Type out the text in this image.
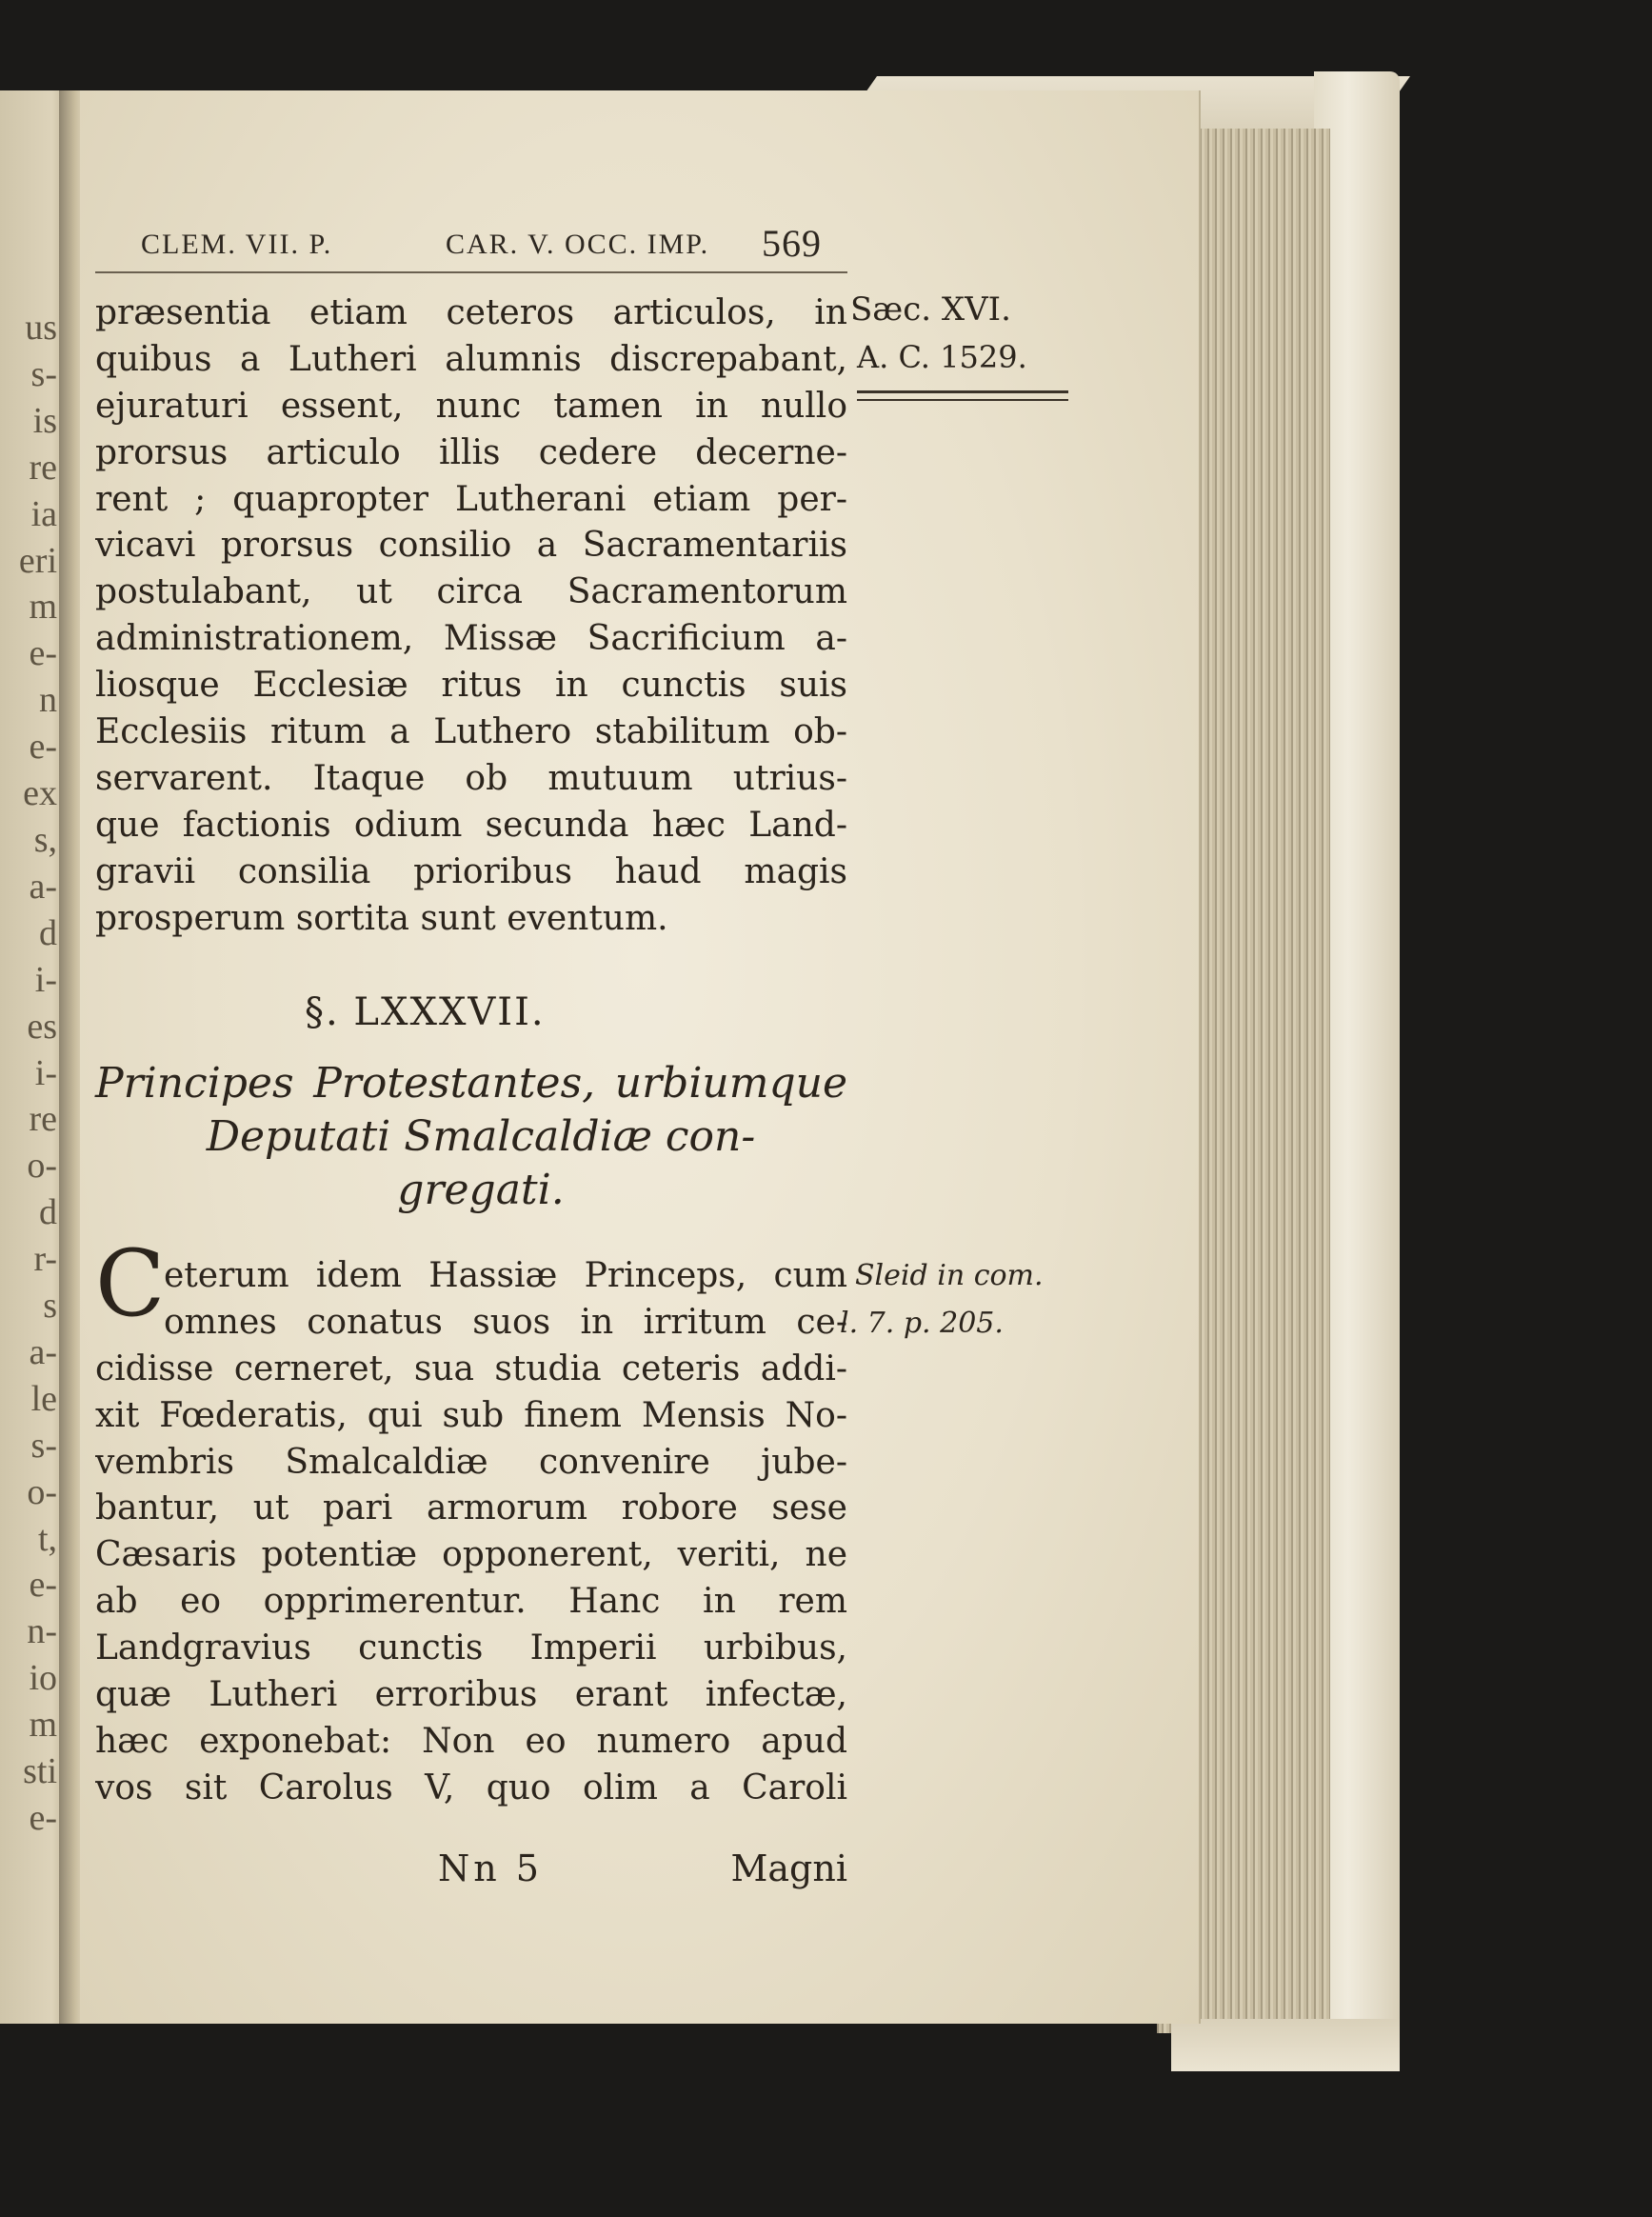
us
s-
is
re
ia
eri
m
e-
n
e-
ex
s,
a-
d
i-
es
i-
re
o-
d
r-
s
a-
le
s-
o-
t,
e-
n-
io
m
sti
e-
CLEM. VII. P.	CAR. V. OCC. IMP. 569
Sæc. XVI.
A. C. 1529.
præsentia etiam ceteros articulos, in
quibus a Lutheri alumnis discrepabant,
ejuraturi essent, nunc tamen in nullo
prorsus articulo illis cedere decerne-
rent ; quapropter Lutherani etiam per-
vicavi prorsus consilio a Sacramentariis
postulabant, ut circa Sacramentorum
administrationem, Missæ Sacrificium a-
liosque Ecclesiæ ritus in cunctis suis
Ecclesiis ritum a Luthero stabilitum ob-
servarent. Itaque ob mutuum utrius-
que factionis odium secunda hæc Land-
gravii consilia prioribus haud magis
prosperum sortita sunt eventum.
§. LXXXVII.
Principes Protestantes, urbiumque
Deputati Smalcaldiæ con-
gregati.
C
eterum idem Hassiæ Princeps, cum
omnes conatus suos in irritum ce-
cidisse cerneret, sua studia ceteris addi-
xit Fœderatis, qui sub finem Mensis No-
vembris Smalcaldiæ convenire jube-
bantur, ut pari armorum robore sese
Cæsaris potentiæ opponerent, veriti, ne
ab eo opprimerentur. Hanc in rem
Landgravius cunctis Imperii urbibus,
quæ Lutheri erroribus erant infectæ,
hæc exponebat: Non eo numero apud
vos sit Carolus V, quo olim a Caroli
Sleid in com.
l. 7. p. 205.
Nn 5	Magni
